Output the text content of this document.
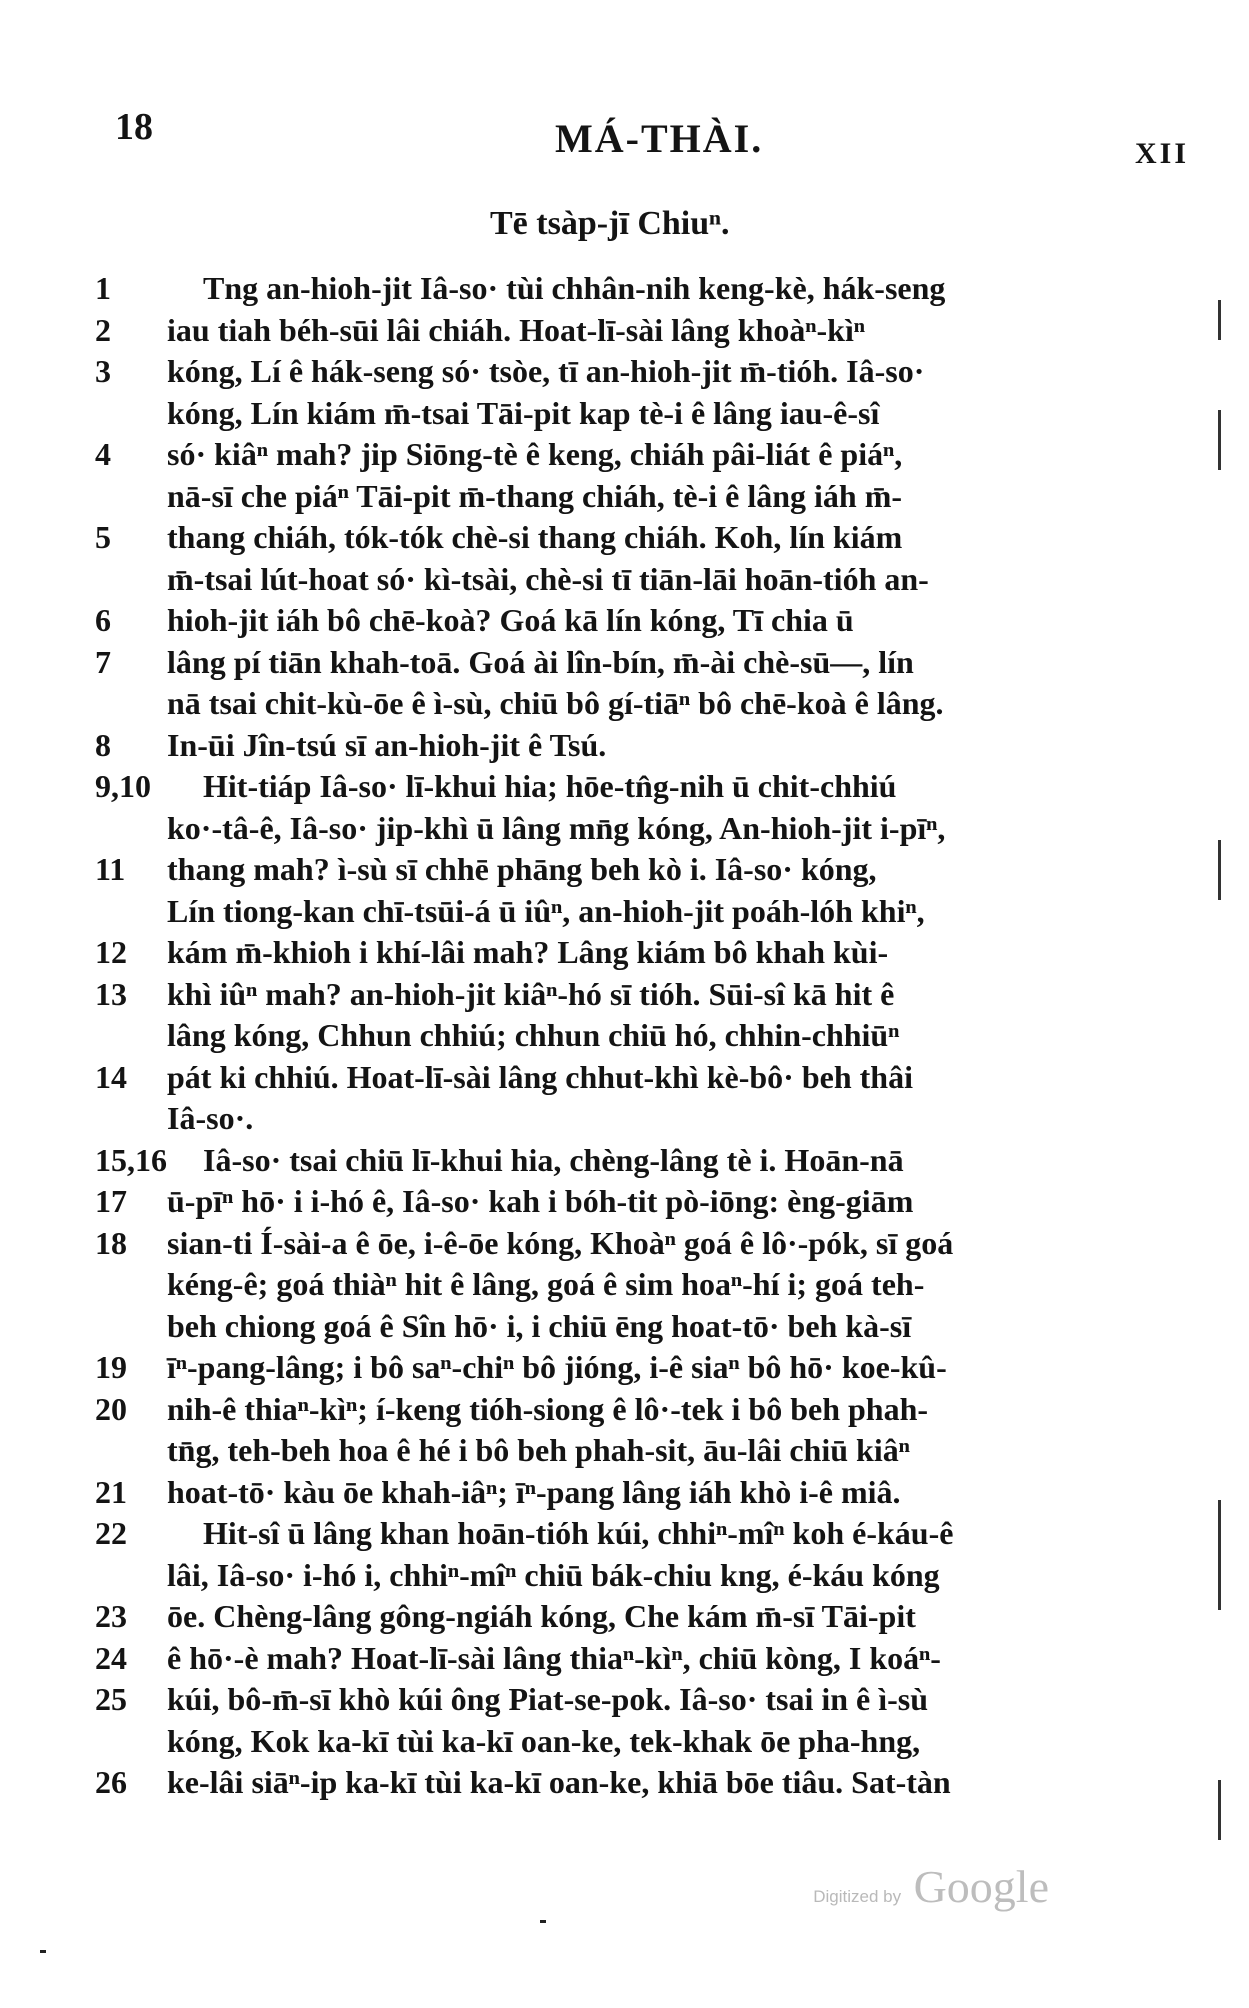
18	MÁ-THÀI.	XII
Tē tsàp-jī Chiuⁿ.
1	Tng an-hioh-jit Iâ-so· tùi chhân-nih keng-kè, hák-seng
2	iau tiah béh-sūi lâi chiáh. Hoat-lī-sài lâng khoàⁿ-kìⁿ
3	kóng, Lí ê hák-seng só· tsòe, tī an-hioh-jit m̄-tióh. Iâ-so·
kóng, Lín kiám m̄-tsai Tāi-pit kap tè-i ê lâng iau-ê-sî
4	só· kiâⁿ mah? jip Siōng-tè ê keng, chiáh pâi-liát ê piáⁿ,
nā-sī che piáⁿ Tāi-pit m̄-thang chiáh, tè-i ê lâng iáh m̄-
5	thang chiáh, tók-tók chè-si thang chiáh. Koh, lín kiám
m̄-tsai lút-hoat só· kì-tsài, chè-si tī tiān-lāi hoān-tióh an-
6	hioh-jit iáh bô chē-koà? Goá kā lín kóng, Tī chia ū
7	lâng pí tiān khah-toā. Goá ài lîn-bín, m̄-ài chè-sū—, lín
nā tsai chit-kù-ōe ê ì-sù, chiū bô gí-tiāⁿ bô chē-koà ê lâng.
8	In-ūi Jîn-tsú sī an-hioh-jit ê Tsú.
9,10	Hit-tiáp Iâ-so· lī-khui hia; hōe-tn̂g-nih ū chit-chhiú
ko·-tâ-ê, Iâ-so· jip-khì ū lâng mn̄g kóng, An-hioh-jit i-pīⁿ,
11	thang mah? ì-sù sī chhē phāng beh kò i. Iâ-so· kóng,
Lín tiong-kan chī-tsūi-á ū iûⁿ, an-hioh-jit poáh-lóh khiⁿ,
12	kám m̄-khioh i khí-lâi mah? Lâng kiám bô khah kùi-
13	khì iûⁿ mah? an-hioh-jit kiâⁿ-hó sī tióh. Sūi-sî kā hit ê
lâng kóng, Chhun chhiú; chhun chiū hó, chhin-chhiūⁿ
14	pát ki chhiú. Hoat-lī-sài lâng chhut-khì kè-bô· beh thâi
Iâ-so·.
15,16	Iâ-so· tsai chiū lī-khui hia, chèng-lâng tè i. Hoān-nā
17	ū-pīⁿ hō· i i-hó ê, Iâ-so· kah i bóh-tit pò-iōng: èng-giām
18	sian-ti Í-sài-a ê ōe, i-ê-ōe kóng, Khoàⁿ goá ê lô·-pók, sī goá
kéng-ê; goá thiàⁿ hit ê lâng, goá ê sim hoaⁿ-hí i; goá teh-
beh chiong goá ê Sîn hō· i, i chiū ēng hoat-tō· beh kà-sī
19	īⁿ-pang-lâng; i bô saⁿ-chiⁿ bô jióng, i-ê siaⁿ bô hō· koe-kû-
20	nih-ê thiaⁿ-kìⁿ; í-keng tióh-siong ê lô·-tek i bô beh phah-
tn̄g, teh-beh hoa ê hé i bô beh phah-sit, āu-lâi chiū kiâⁿ
21	hoat-tō· kàu ōe khah-iâⁿ; īⁿ-pang lâng iáh khò i-ê miâ.
22	Hit-sî ū lâng khan hoān-tióh kúi, chhiⁿ-mîⁿ koh é-káu-ê
lâi, Iâ-so· i-hó i, chhiⁿ-mîⁿ chiū bák-chiu kng, é-káu kóng
23	ōe. Chèng-lâng gông-ngiáh kóng, Che kám m̄-sī Tāi-pit
24	ê hō·-è mah? Hoat-lī-sài lâng thiaⁿ-kìⁿ, chiū kòng, I koáⁿ-
25	kúi, bô-m̄-sī khò kúi ông Piat-se-pok. Iâ-so· tsai in ê ì-sù
kóng, Kok ka-kī tùi ka-kī oan-ke, tek-khak ōe pha-hng,
26	ke-lâi siāⁿ-ip ka-kī tùi ka-kī oan-ke, khiā bōe tiâu. Sat-tàn
Digitized by Google
